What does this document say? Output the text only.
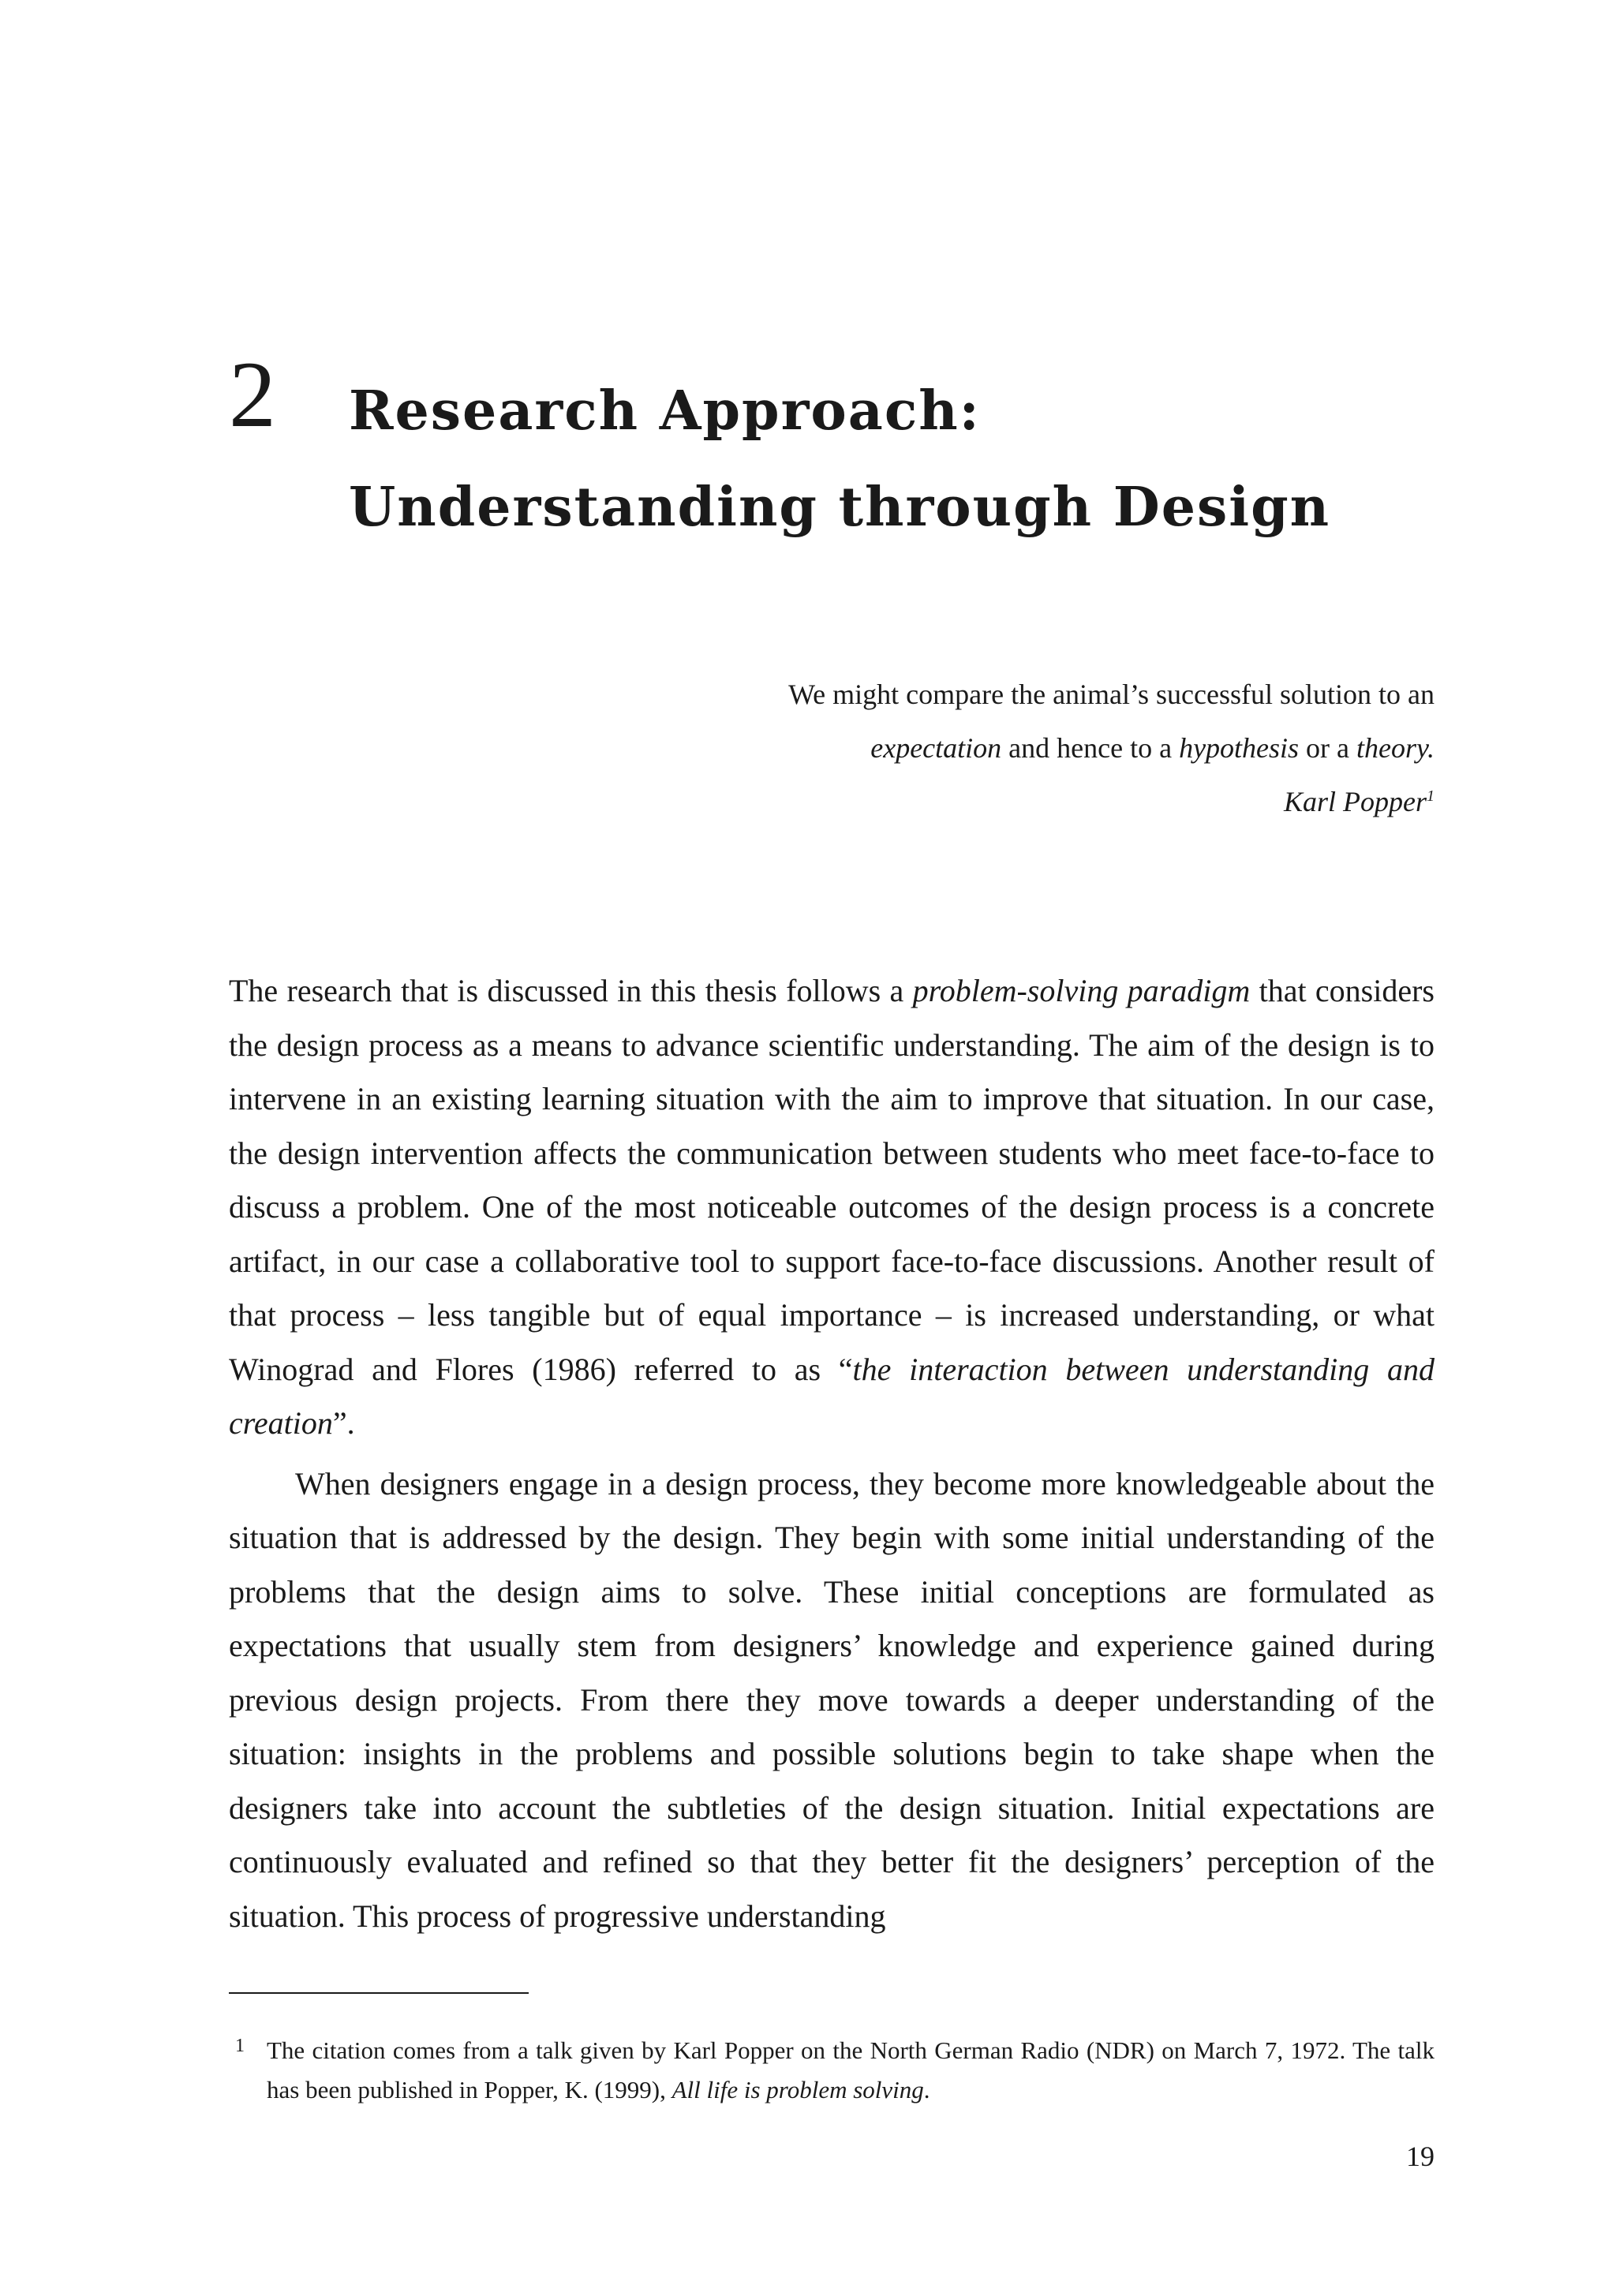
2 Research Approach: Understanding through Design

We might compare the animal’s successful solution to an

expectation and hence to a hypothesis or a theory.

Karl Popper$^1$

The research that is discussed in this thesis follows a problem-solving paradigm that considers the design process as a means to advance scientific understanding. The aim of the design is to intervene in an existing learning situation with the aim to improve that situation. In our case, the design intervention affects the communication between students who meet face-to-face to discuss a problem. One of the most noticeable outcomes of the design process is a concrete artifact, in our case a collaborative tool to support face-to-face discussions. Another result of that process – less tangible but of equal importance – is increased understanding, or what Winograd and Flores (1986) referred to as “the interaction between understanding and creation”.

When designers engage in a design process, they become more knowledgeable about the situation that is addressed by the design. They begin with some initial understanding of the problems that the design aims to solve. These initial conceptions are formulated as expectations that usually stem from designers’ knowledge and experience gained during previous design projects. From there they move towards a deeper understanding of the situation: insights in the problems and possible solutions begin to take shape when the designers take into account the subtleties of the design situation. Initial expectations are continuously evaluated and refined so that they better fit the designers’ perception of the situation. This process of progressive understanding

1 The citation comes from a talk given by Karl Popper on the North German Radio (NDR) on March 7, 1972. The talk has been published in Popper, K. (1999), All life is problem solving.
19
